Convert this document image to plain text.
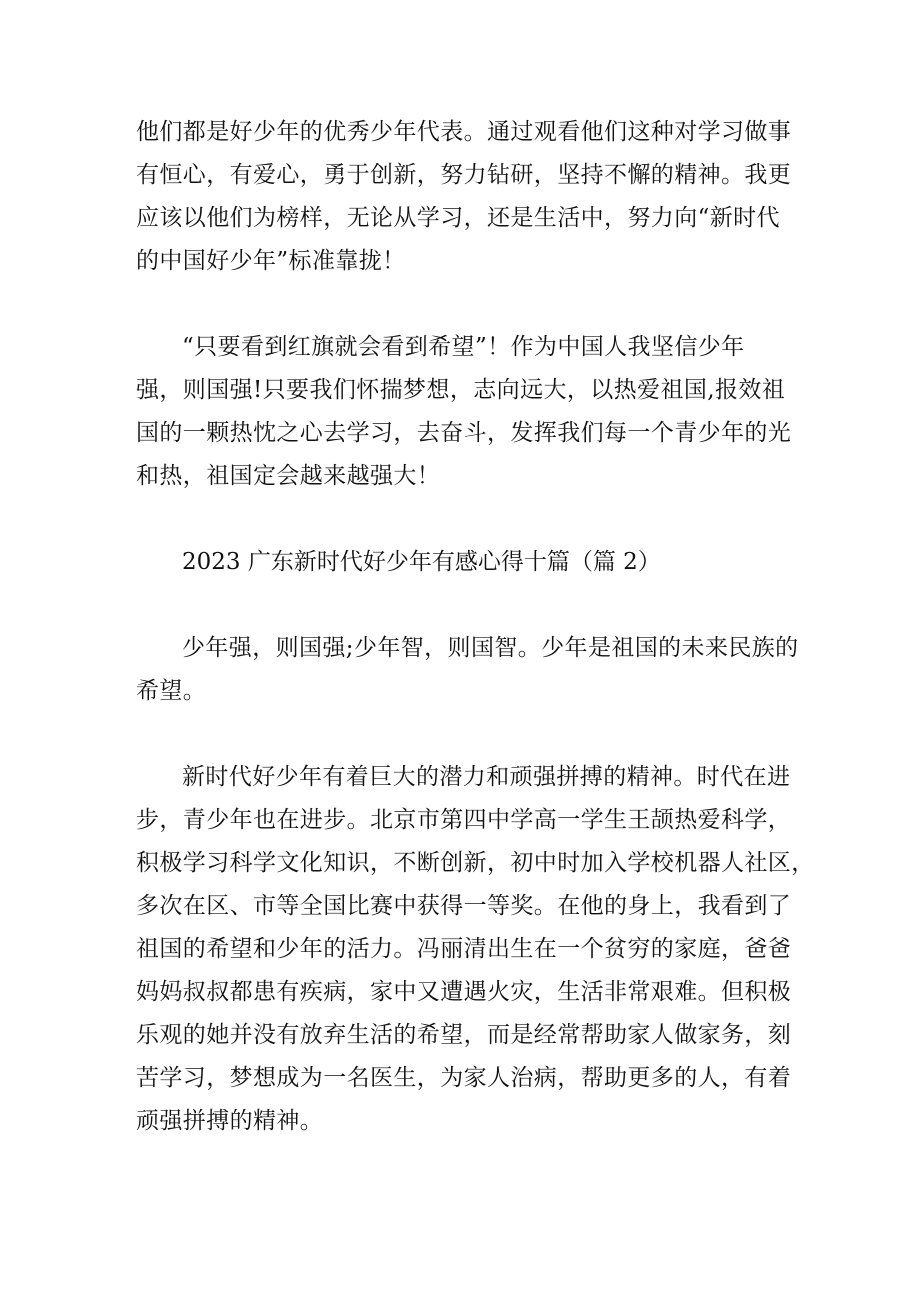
他们都是好少年的优秀少年代表。通过观看他们这种对学习做事

有恒心，有爱心，勇于创新，努力钻研，坚持不懈的精神。我更

应该以他们为榜样，无论从学习，还是生活中，努力向“新时代

的中国好少年”标准靠拢！

“只要看到红旗就会看到希望”！作为中国人我坚信少年

强，则国强!只要我们怀揣梦想，志向远大，以热爱祖国,报效祖

国的一颗热忱之心去学习，去奋斗，发挥我们每一个青少年的光

和热，祖国定会越来越强大！

2023 广东新时代好少年有感心得十篇（篇 2）

少年强，则国强;少年智，则国智。少年是祖国的未来民族的

希望。

新时代好少年有着巨大的潜力和顽强拼搏的精神。时代在进

步，青少年也在进步。北京市第四中学高一学生王颉热爱科学，

积极学习科学文化知识，不断创新，初中时加入学校机器人社区，

多次在区、市等全国比赛中获得一等奖。在他的身上，我看到了

祖国的希望和少年的活力。冯丽清出生在一个贫穷的家庭，爸爸

妈妈叔叔都患有疾病，家中又遭遇火灾，生活非常艰难。但积极

乐观的她并没有放弃生活的希望，而是经常帮助家人做家务，刻

苦学习，梦想成为一名医生，为家人治病，帮助更多的人，有着

顽强拼搏的精神。
